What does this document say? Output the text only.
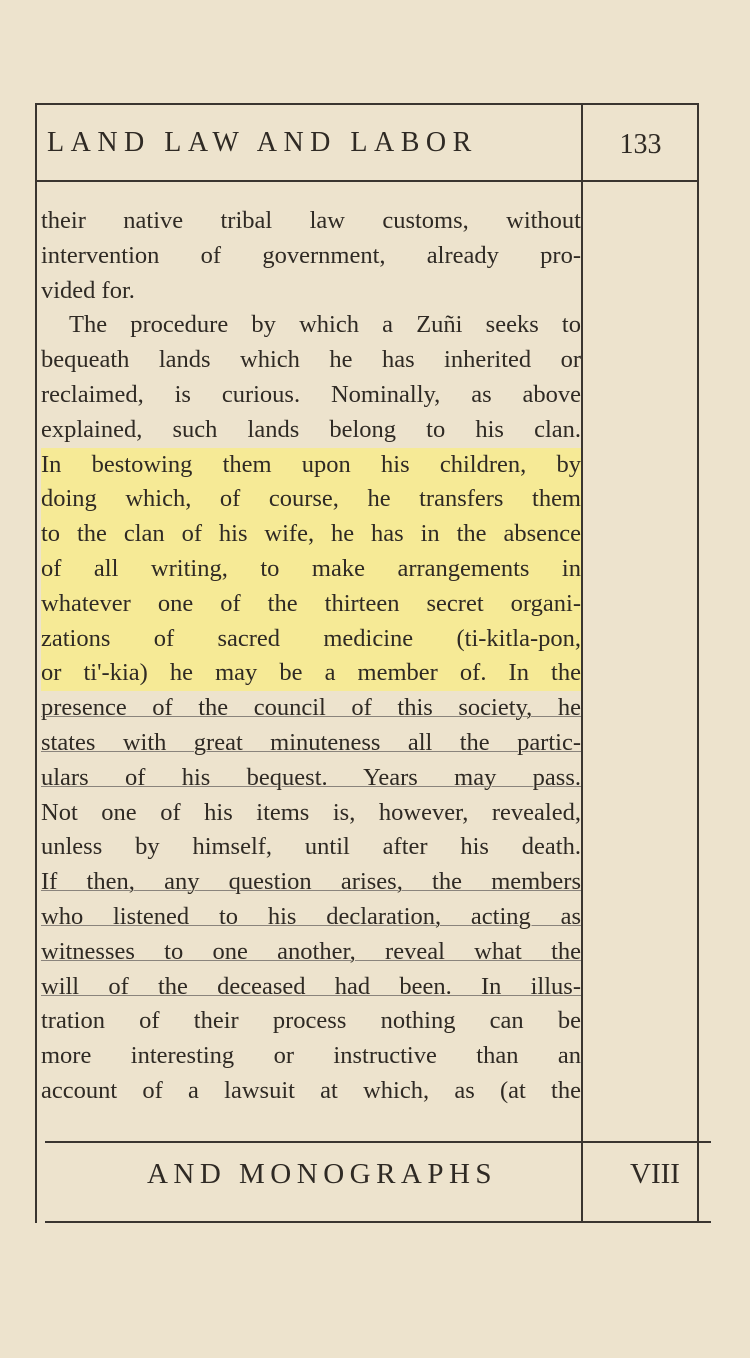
LAND LAW AND LABOR	133
their native tribal law customs, without
intervention of government, already pro-
vided for.
The procedure by which a Zuñi seeks to
bequeath lands which he has inherited or
reclaimed, is curious. Nominally, as above
explained, such lands belong to his clan.
In bestowing them upon his children, by
doing which, of course, he transfers them
to the clan of his wife, he has in the absence
of all writing, to make arrangements in
whatever one of the thirteen secret organi-
zations of sacred medicine (ti-kitla-pon,
or ti'-kia) he may be a member of. In the
presence of the council of this society, he
states with great minuteness all the partic-
ulars of his bequest. Years may pass.
Not one of his items is, however, revealed,
unless by himself, until after his death.
If then, any question arises, the members
who listened to his declaration, acting as
witnesses to one another, reveal what the
will of the deceased had been. In illus-
tration of their process nothing can be
more interesting or instructive than an
account of a lawsuit at which, as (at the
AND MONOGRAPHS	VIII
